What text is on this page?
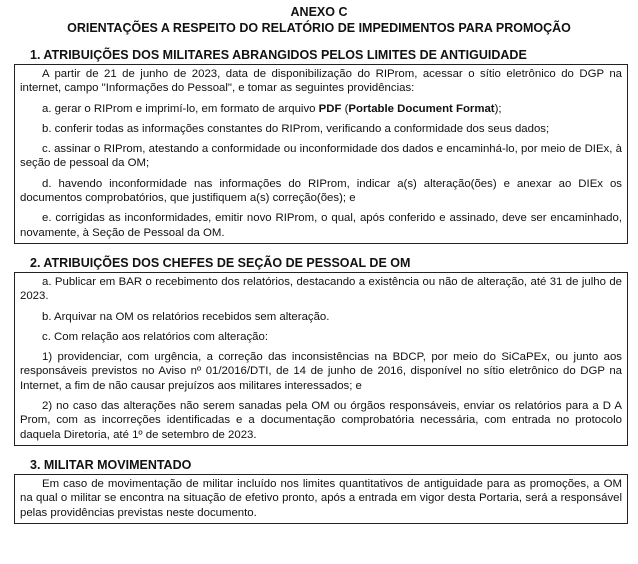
ANEXO C
ORIENTAÇÕES A RESPEITO DO RELATÓRIO DE IMPEDIMENTOS PARA PROMOÇÃO
1. ATRIBUIÇÕES DOS MILITARES ABRANGIDOS PELOS LIMITES DE ANTIGUIDADE

A partir de 21 de junho de 2023, data de disponibilização do RIProm, acessar o sítio eletrônico do DGP na internet, campo "Informações do Pessoal", e tomar as seguintes providências:

a. gerar o RIProm e imprimí-lo, em formato de arquivo PDF (Portable Document Format);

b. conferir todas as informações constantes do RIProm, verificando a conformidade dos seus dados;

c. assinar o RIProm, atestando a conformidade ou inconformidade dos dados e encaminhá-lo, por meio de DIEx, à seção de pessoal da OM;

d. havendo inconformidade nas informações do RIProm, indicar a(s) alteração(ões) e anexar ao DIEx os documentos comprobatórios, que justifiquem a(s) correção(ões); e

e. corrigidas as inconformidades, emitir novo RIProm, o qual, após conferido e assinado, deve ser encaminhado, novamente, à Seção de Pessoal da OM.

2. ATRIBUIÇÕES DOS CHEFES DE SEÇÃO DE PESSOAL DE OM

a. Publicar em BAR o recebimento dos relatórios, destacando a existência ou não de alteração, até 31 de julho de 2023.

b. Arquivar na OM os relatórios recebidos sem alteração.

c. Com relação aos relatórios com alteração:

1) providenciar, com urgência, a correção das inconsistências na BDCP, por meio do SiCaPEx, ou junto aos responsáveis previstos no Aviso nº 01/2016/DTI, de 14 de junho de 2016, disponível no sítio eletrônico do DGP na Internet, a fim de não causar prejuízos aos militares interessados; e

2) no caso das alterações não serem sanadas pela OM ou órgãos responsáveis, enviar os relatórios para a D A Prom, com as incorreções identificadas e a documentação comprobatória necessária, com entrada no protocolo daquela Diretoria, até 1º de setembro de 2023.

3. MILITAR MOVIMENTADO

Em caso de movimentação de militar incluído nos limites quantitativos de antiguidade para as promoções, a OM na qual o militar se encontra na situação de efetivo pronto, após a entrada em vigor desta Portaria, será a responsável pelas providências previstas neste documento.
